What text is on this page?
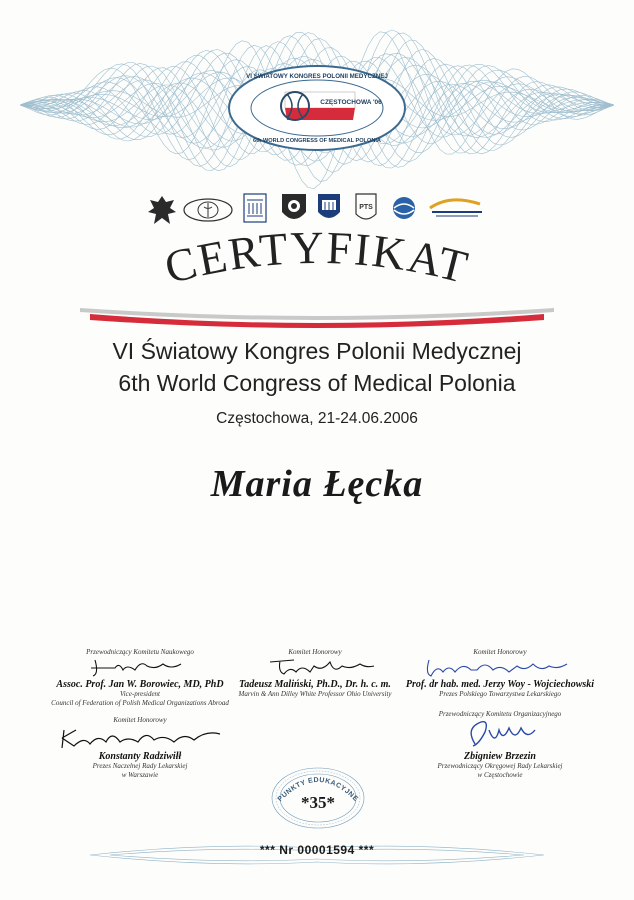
VI ŚWIATOWY KONGRES POLONII MEDYCZNEJ
CZĘSTOCHOWA '06
6th WORLD CONGRESS OF MEDICAL POLONIA
PTS
CERTYFIKAT
VI Światowy Kongres Polonii Medycznej
6th World Congress of Medical Polonia
Częstochowa, 21-24.06.2006
Maria Łęcka
Przewodniczący Komitetu Naukowego
Assoc. Prof. Jan W. Borowiec, MD, PhD
Vice-president
Council of Federation of Polish Medical Organizations Abroad
Komitet Honorowy
Tadeusz Maliński, Ph.D., Dr. h. c. m.
Marvin & Ann Dilley White Professor Ohio University
Komitet Honorowy
Prof. dr hab. med. Jerzy Woy - Wojciechowski
Prezes Polskiego Towarzystwa Lekarskiego
Komitet Honorowy
Konstanty Radziwiłł
Prezes Naczelnej Rady Lekarskiej
w Warszawie
Przewodniczący Komitetu Organizacyjnego
Zbigniew Brzezin
Przewodniczący Okręgowej Rady Lekarskiej
w Częstochowie
PUNKTY EDUKACYJNE
*35*
*** Nr 00001594 ***
